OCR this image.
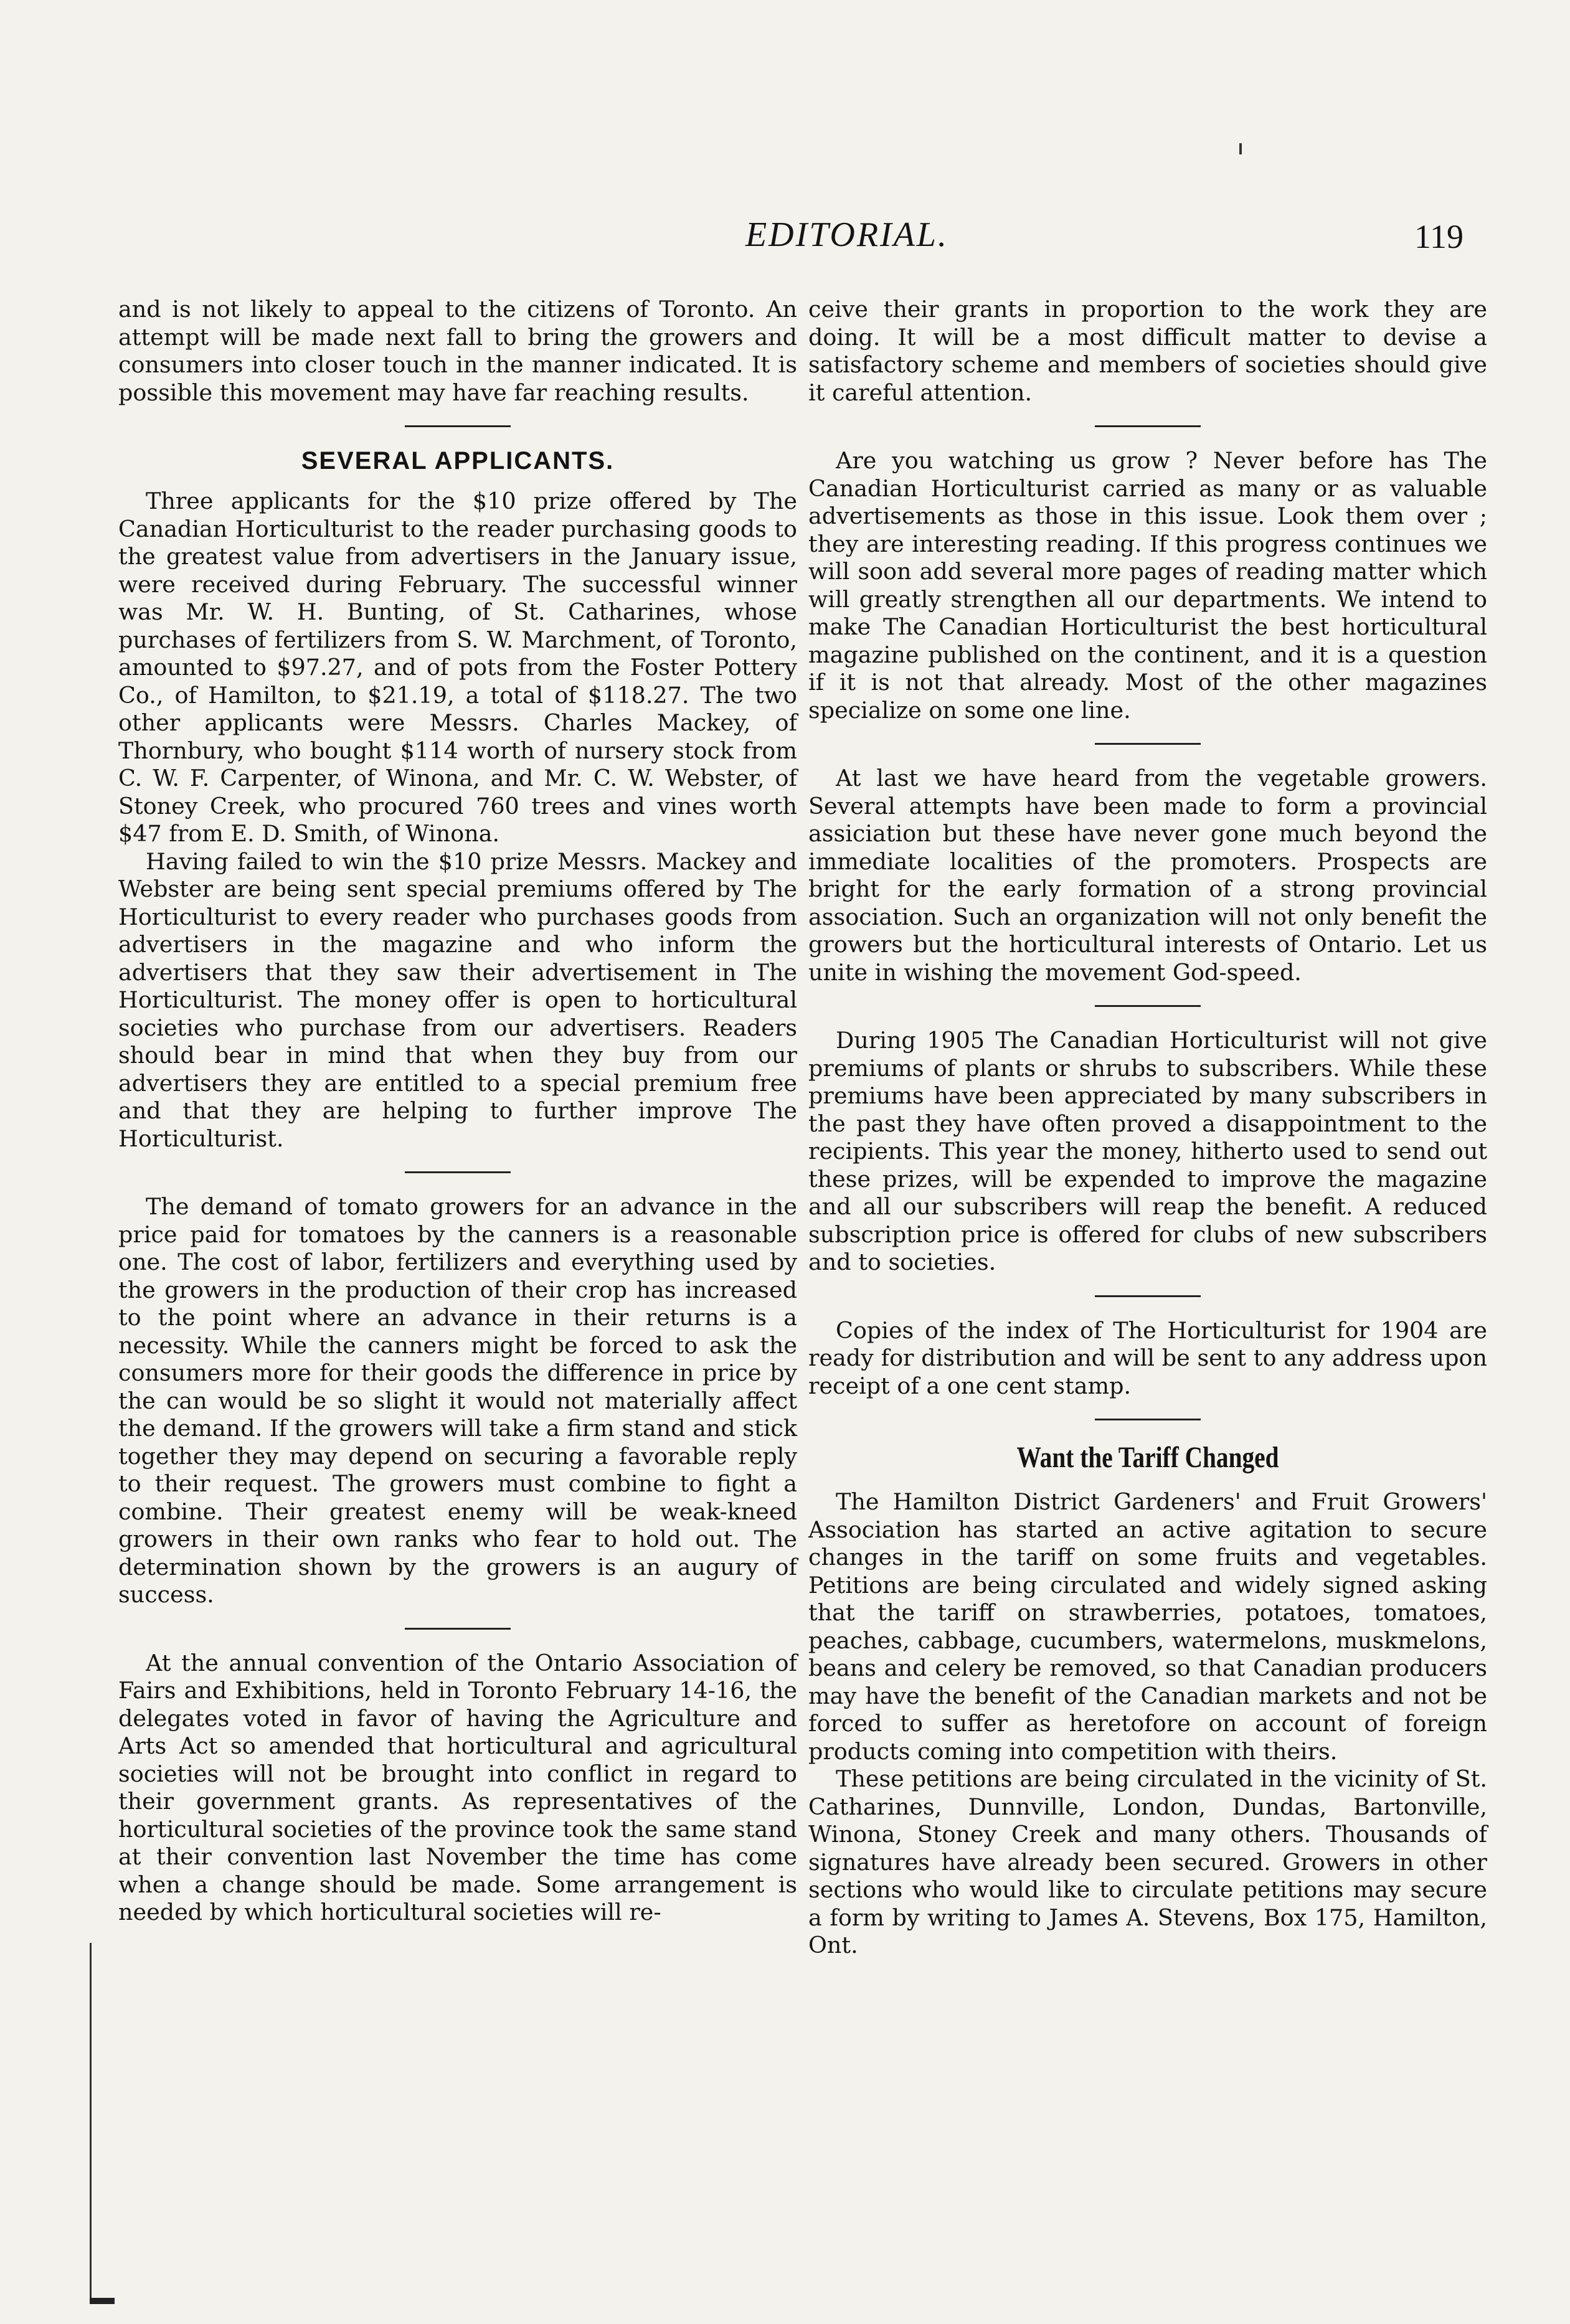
EDITORIAL.	119

and is not likely to appeal to the citizens of Toronto. An attempt will be made next fall to bring the growers and consumers into closer touch in the manner indicated. It is possible this movement may have far reaching results.

SEVERAL APPLICANTS.

Three applicants for the $10 prize offered by The Canadian Horticulturist to the reader purchasing goods to the greatest value from advertisers in the January issue, were received during February. The successful winner was Mr. W. H. Bunting, of St. Catharines, whose purchases of fertilizers from S. W. Marchment, of Toronto, amounted to $97.27, and of pots from the Foster Pottery Co., of Hamilton, to $21.19, a total of $118.27. The two other applicants were Messrs. Charles Mackey, of Thornbury, who bought $114 worth of nursery stock from C. W. F. Carpenter, of Winona, and Mr. C. W. Webster, of Stoney Creek, who procured 760 trees and vines worth $47 from E. D. Smith, of Winona.

Having failed to win the $10 prize Messrs. Mackey and Webster are being sent special premiums offered by The Horticulturist to every reader who purchases goods from advertisers in the magazine and who inform the advertisers that they saw their advertisement in The Horticulturist. The money offer is open to horticultural societies who purchase from our advertisers. Readers should bear in mind that when they buy from our advertisers they are entitled to a special premium free and that they are helping to further improve The Horticulturist.

The demand of tomato growers for an advance in the price paid for tomatoes by the canners is a reasonable one. The cost of labor, fertilizers and everything used by the growers in the production of their crop has increased to the point where an advance in their returns is a necessity. While the canners might be forced to ask the consumers more for their goods the difference in price by the can would be so slight it would not materially affect the demand. If the growers will take a firm stand and stick together they may depend on securing a favorable reply to their request. The growers must combine to fight a combine. Their greatest enemy will be weak-kneed growers in their own ranks who fear to hold out. The determination shown by the growers is an augury of success.

At the annual convention of the Ontario Association of Fairs and Exhibitions, held in Toronto February 14-16, the delegates voted in favor of having the Agriculture and Arts Act so amended that horticultural and agricultural societies will not be brought into conflict in regard to their government grants. As representatives of the horticultural societies of the province took the same stand at their convention last November the time has come when a change should be made. Some arrangement is needed by which horticultural societies will re-

ceive their grants in proportion to the work they are doing. It will be a most difficult matter to devise a satisfactory scheme and members of societies should give it careful attention.

Are you watching us grow ? Never before has The Canadian Horticulturist carried as many or as valuable advertisements as those in this issue. Look them over ; they are interesting reading. If this progress continues we will soon add several more pages of reading matter which will greatly strengthen all our departments. We intend to make The Canadian Horticulturist the best horticultural magazine published on the continent, and it is a question if it is not that already. Most of the other magazines specialize on some one line.

At last we have heard from the vegetable growers. Several attempts have been made to form a provincial assiciation but these have never gone much beyond the immediate localities of the promoters. Prospects are bright for the early formation of a strong provincial association. Such an organization will not only benefit the growers but the horticultural interests of Ontario. Let us unite in wishing the movement God-speed.

During 1905 The Canadian Horticulturist will not give premiums of plants or shrubs to subscribers. While these premiums have been appreciated by many subscribers in the past they have often proved a disappointment to the recipients. This year the money, hitherto used to send out these prizes, will be expended to improve the magazine and all our subscribers will reap the benefit. A reduced subscription price is offered for clubs of new subscribers and to societies.

Copies of the index of The Horticulturist for 1904 are ready for distribution and will be sent to any address upon receipt of a one cent stamp.

Want the Tariff Changed

The Hamilton District Gardeners' and Fruit Growers' Association has started an active agitation to secure changes in the tariff on some fruits and vegetables. Petitions are being circulated and widely signed asking that the tariff on strawberries, potatoes, tomatoes, peaches, cabbage, cucumbers, watermelons, muskmelons, beans and celery be removed, so that Canadian producers may have the benefit of the Canadian markets and not be forced to suffer as heretofore on account of foreign products coming into competition with theirs.

These petitions are being circulated in the vicinity of St. Catharines, Dunnville, London, Dundas, Bartonville, Winona, Stoney Creek and many others. Thousands of signatures have already been secured. Growers in other sections who would like to circulate petitions may secure a form by writing to James A. Stevens, Box 175, Hamilton, Ont.
